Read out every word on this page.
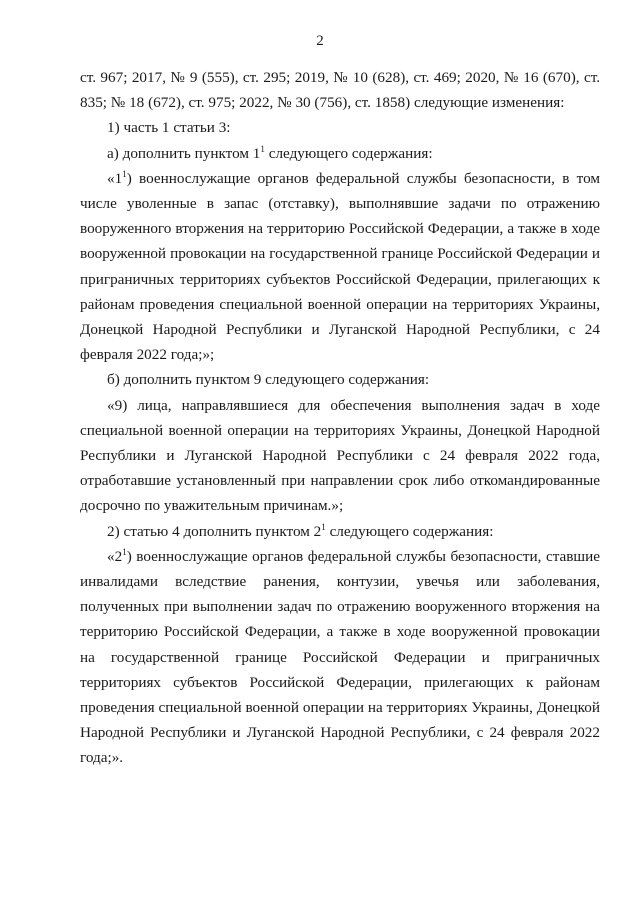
2

ст. 967; 2017, № 9 (555), ст. 295; 2019, № 10 (628), ст. 469; 2020, № 16 (670), ст. 835; № 18 (672), ст. 975; 2022, № 30 (756), ст. 1858) следующие изменения:

1) часть 1 статьи 3:

а) дополнить пунктом $1^1$ следующего содержания:

«$1^1$) военнослужащие органов федеральной службы безопасности, в том числе уволенные в запас (отставку), выполнявшие задачи по отражению вооруженного вторжения на территорию Российской Федерации, а также в ходе вооруженной провокации на государственной границе Российской Федерации и приграничных территориях субъектов Российской Федерации, прилегающих к районам проведения специальной военной операции на территориях Украины, Донецкой Народной Республики и Луганской Народной Республики, с 24 февраля 2022 года;»;

б) дополнить пунктом 9 следующего содержания:

«9) лица, направлявшиеся для обеспечения выполнения задач в ходе специальной военной операции на территориях Украины, Донецкой Народной Республики и Луганской Народной Республики с 24 февраля 2022 года, отработавшие установленный при направлении срок либо откомандированные досрочно по уважительным причинам.»;

2) статью 4 дополнить пунктом $2^1$ следующего содержания:

«$2^1$) военнослужащие органов федеральной службы безопасности, ставшие инвалидами вследствие ранения, контузии, увечья или заболевания, полученных при выполнении задач по отражению вооруженного вторжения на территорию Российской Федерации, а также в ходе вооруженной провокации на государственной границе Российской Федерации и приграничных территориях субъектов Российской Федерации, прилегающих к районам проведения специальной военной операции на территориях Украины, Донецкой Народной Республики и Луганской Народной Республики, с 24 февраля 2022 года;».
